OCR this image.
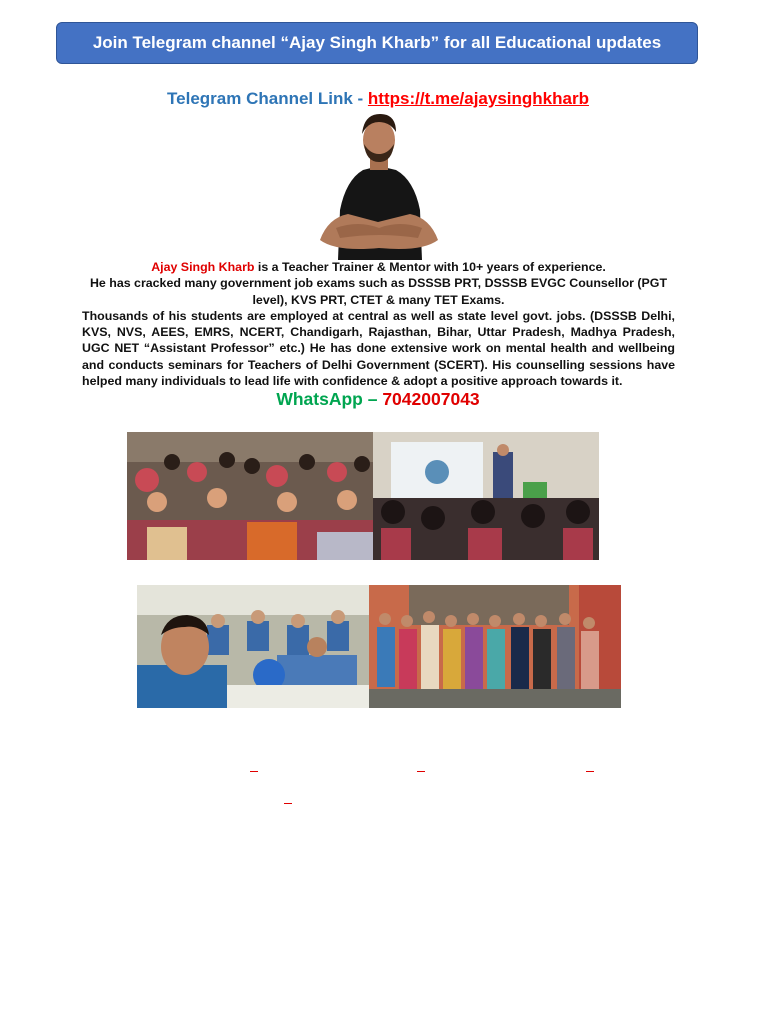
Join Telegram channel “Ajay Singh Kharb” for all Educational updates
Telegram Channel Link - https://t.me/ajaysinghkharb
Ajay Singh Kharb is a Teacher Trainer & Mentor with 10+ years of experience.
He has cracked many government job exams such as DSSSB PRT, DSSSB EVGC Counsellor (PGT level), KVS PRT, CTET & many TET Exams.
Thousands of his students are employed at central as well as state level govt. jobs. (DSSSB Delhi, KVS, NVS, AEES, EMRS, NCERT, Chandigarh, Rajasthan, Bihar, Uttar Pradesh, Madhya Pradesh, UGC NET “Assistant Professor” etc.) He has done extensive work on mental health and wellbeing and conducts seminars for Teachers of Delhi Government (SCERT). His counselling sessions have helped many individuals to lead life with confidence & adopt a positive approach towards it.
WhatsApp – 7042007043
